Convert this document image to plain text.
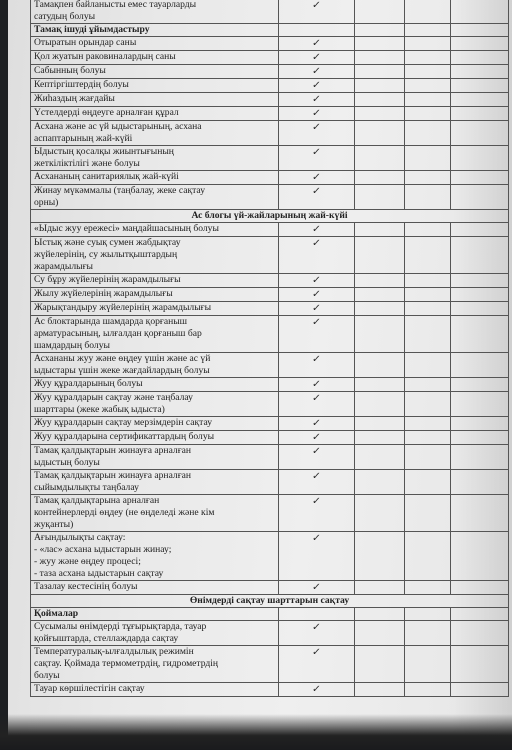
Тамақпен байланысты емес тауарларды
сатудың болуы	✓			
Тамақ ішуді ұйымдастыру				

Отыратын орындар саны	✓			

Қол жуатын раковиналардың саны	✓			

Сабынның болуы	✓			

Кептіргіштердің болуы	✓			

Жиһаздың жағдайы	✓			

Үстелдерді өңдеуге арналған құрал	✓			

Асхана және ас үй ыдыстарының, асхана
аспаптарының жай-күйі	✓			

Ыдыстың қосалқы жиынтығының
жеткіліктілігі және болуы	✓			

Асхананың санитариялық жай-күйі	✓			

Жинау мүкәммалы (таңбалау, жеке сақтау
орны)	✓			
Ас блогы үй-жайларының жай-күйі				

«Ыдыс жуу ережесі» маңдайшасының болуы	✓			

Ыстық және суық сумен жабдықтау
жүйелерінің, су жылытқыштардың
жарамдылығы	✓			

Су бұру жүйелерінің жарамдылығы	✓			

Жылу жүйелерінің жарамдылығы	✓			

Жарықтандыру жүйелерінің жарамдылығы	✓			

Ас блоктарында шамдарда қорғаныш
арматурасының, ылғалдан қорғаныш бар
шамдардың болуы	✓			

Асхананы жуу және өңдеу үшін және ас үй
ыдыстары үшін жеке жағдайлардың болуы	✓			

Жуу құралдарының болуы	✓			

Жуу құралдарын сақтау және таңбалау
шарттары (жеке жабық ыдыста)	✓			

Жуу құралдарын сақтау мерзімдерін сақтау	✓			

Жуу құралдарына сертификаттардың болуы	✓			

Тамақ қалдықтарын жинауға арналған
ыдыстың болуы	✓			

Тамақ қалдықтарын жинауға арналған
сыйымдылықты таңбалау	✓			

Тамақ қалдықтарына арналған
контейнерлерді өңдеу (не өңделеді және кім
жуқанты)	✓			

Ағындылықты сақтау:
- «лас» асхана ыдыстарын жинау;
- жуу және өңдеу процесі;
- таза асхана ыдыстарын сақтау	✓			

Тазалау кестесінің болуы	✓			
Өнімдерді сақтау шарттарын сақтау				
Қоймалар				

Сусымалы өнімдерді тұғырықтарда, тауар
қойғыштарда, стеллаждарда сақтау	✓			

Температуралық-ылғалдылық режимін
сақтау. Қоймада термометрдің, гидрометрдің
болуы	✓			

Тауар көршілестігін сақтау	✓			
